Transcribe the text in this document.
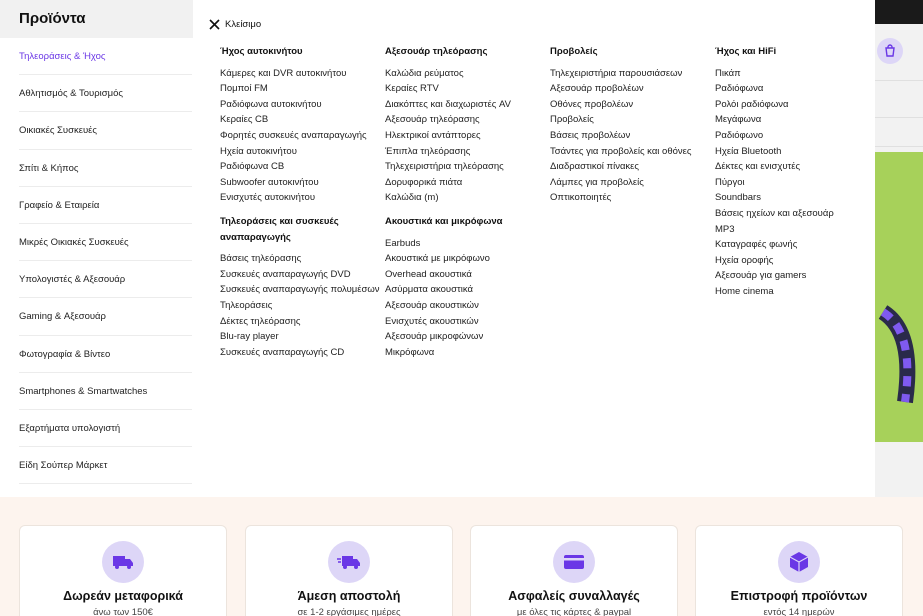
Προϊόντα
Τηλεοράσεις & Ήχος
Αθλητισμός & Τουρισμός
Οικιακές Συσκευές
Σπίτι & Κήπος
Γραφείο & Εταιρεία
Μικρές Οικιακές Συσκευές
Υπολογιστές & Αξεσουάρ
Gaming & Αξεσουάρ
Φωτογραφία & Βίντεο
Smartphones & Smartwatches
Εξαρτήματα υπολογιστή
Είδη Σούπερ Μάρκετ
Κλείσιμο
Ήχος αυτοκινήτου
Κάμερες και DVR αυτοκινήτου
Πομποί FM
Ραδιόφωνα αυτοκινήτου
Κεραίες CB
Φορητές συσκευές αναπαραγωγής
Ηχεία αυτοκινήτου
Ραδιόφωνα CB
Subwoofer αυτοκινήτου
Ενισχυτές αυτοκινήτου
Τηλεοράσεις και συσκευές αναπαραγωγής
Βάσεις τηλεόρασης
Συσκευές αναπαραγωγής DVD
Συσκευές αναπαραγωγής πολυμέσων
Τηλεοράσεις
Δέκτες τηλεόρασης
Blu-ray player
Συσκευές αναπαραγωγής CD
Αξεσουάρ τηλεόρασης
Καλώδια ρεύματος
Κεραίες RTV
Διακόπτες και διαχωριστές AV
Αξεσουάρ τηλεόρασης
Ηλεκτρικοί αντάπτορες
Έπιπλα τηλεόρασης
Τηλεχειριστήρια τηλεόρασης
Δορυφορικά πιάτα
Καλώδια (m)
Ακουστικά και μικρόφωνα
Earbuds
Ακουστικά με μικρόφωνο
Overhead ακουστικά
Ασύρματα ακουστικά
Αξεσουάρ ακουστικών
Ενισχυτές ακουστικών
Αξεσουάρ μικροφώνων
Μικρόφωνα
Προβολείς
Τηλεχειριστήρια παρουσιάσεων
Αξεσουάρ προβολέων
Οθόνες προβολέων
Προβολείς
Βάσεις προβολέων
Τσάντες για προβολείς και οθόνες
Διαδραστικοί πίνακες
Λάμπες για προβολείς
Οπτικοποιητές
Ήχος και HiFi
Πικάπ
Ραδιόφωνα
Ρολόι ραδιόφωνα
Μεγάφωνα
Ραδιόφωνο
Ηχεία Bluetooth
Δέκτες και ενισχυτές
Πύργοι
Soundbars
Βάσεις ηχείων και αξεσουάρ
MP3
Καταγραφές φωνής
Ηχεία οροφής
Αξεσουάρ για gamers
Home cinema
Δωρεάν μεταφορικά
άνω των 150€
Άμεση αποστολή
σε 1-2 εργάσιμες ημέρες
Ασφαλείς συναλλαγές
με όλες τις κάρτες & paypal
Επιστροφή προϊόντων
εντός 14 ημερών
